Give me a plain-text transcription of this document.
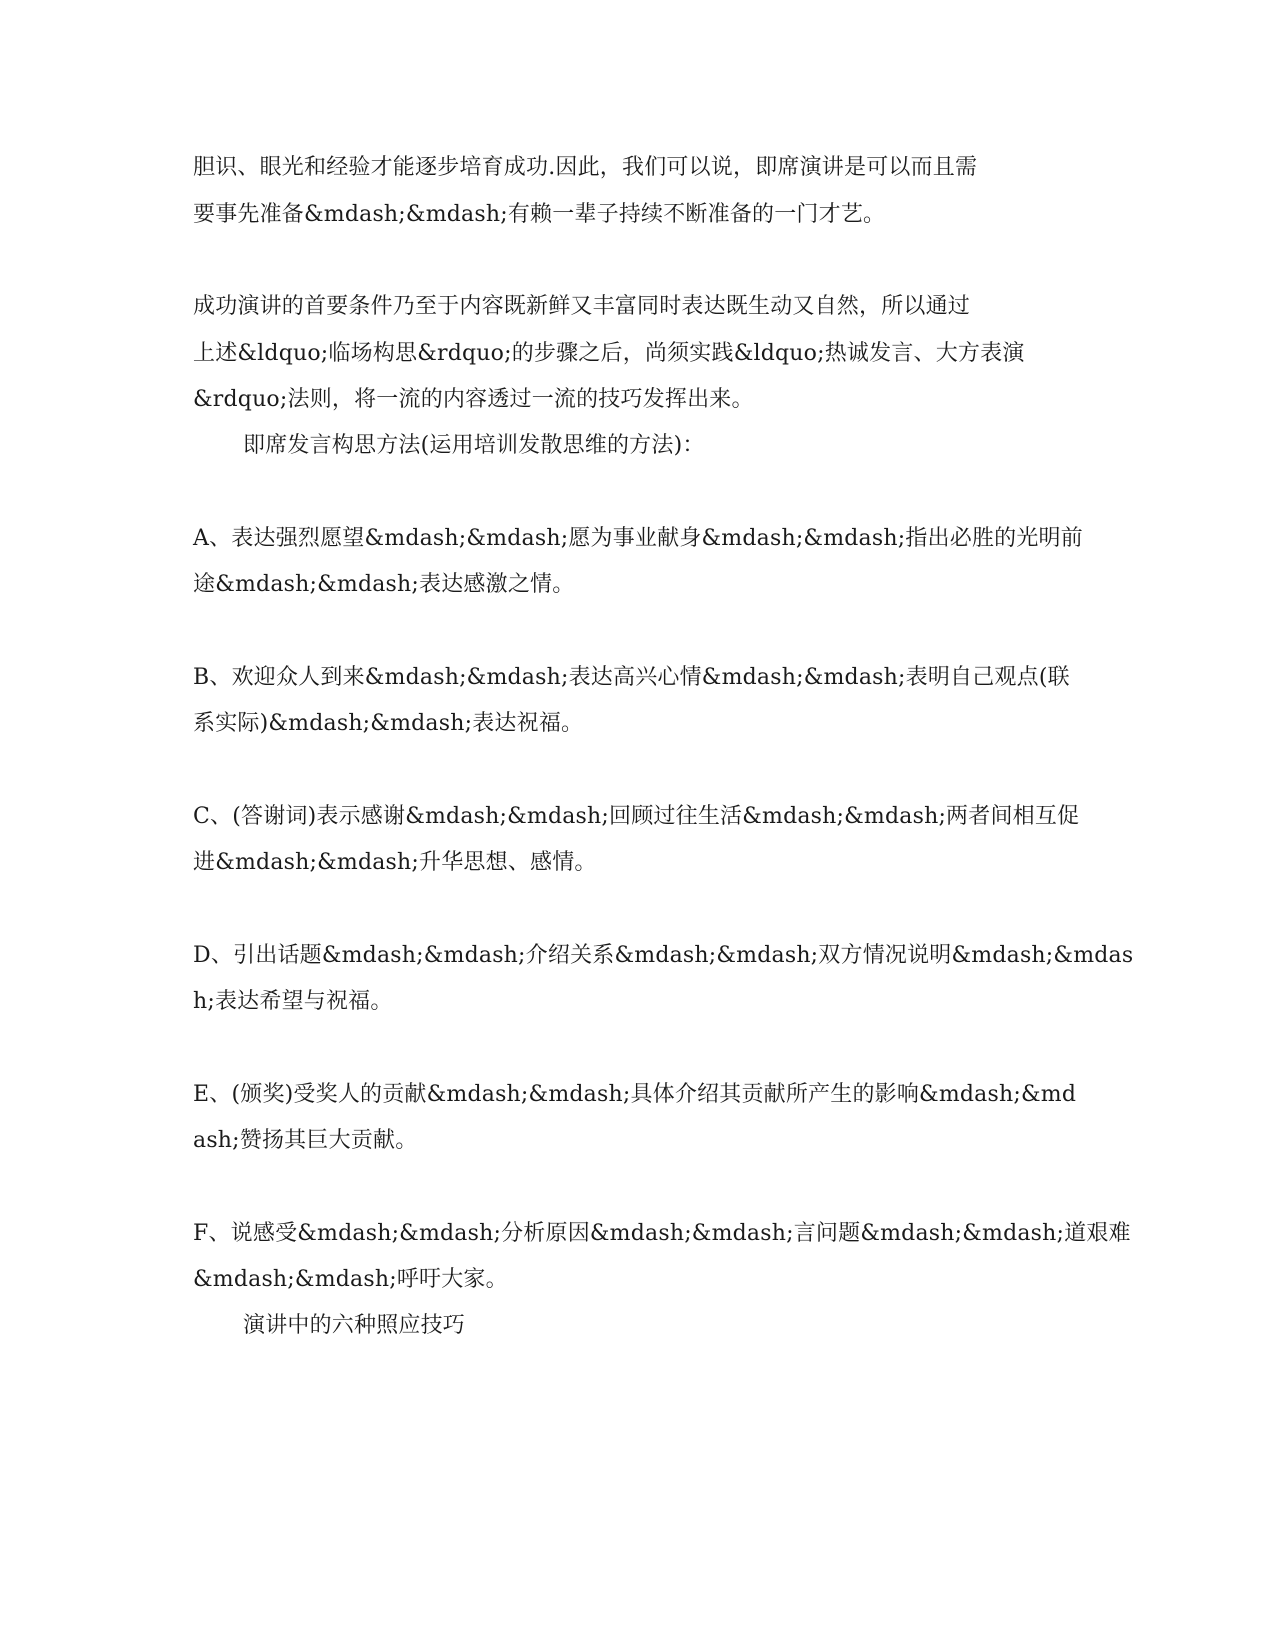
胆识、眼光和经验才能逐步培育成功.因此，我们可以说，即席演讲是可以而且需
要事先准备&mdash;&mdash;有赖一辈子持续不断准备的一门才艺。
成功演讲的首要条件乃至于内容既新鲜又丰富同时表达既生动又自然，所以通过
上述&ldquo;临场构思&rdquo;的步骤之后，尚须实践&ldquo;热诚发言、大方表演
&rdquo;法则，将一流的内容透过一流的技巧发挥出来。
即席发言构思方法(运用培训发散思维的方法)：
A、表达强烈愿望&mdash;&mdash;愿为事业献身&mdash;&mdash;指出必胜的光明前
途&mdash;&mdash;表达感激之情。
B、欢迎众人到来&mdash;&mdash;表达高兴心情&mdash;&mdash;表明自己观点(联
系实际)&mdash;&mdash;表达祝福。
C、(答谢词)表示感谢&mdash;&mdash;回顾过往生活&mdash;&mdash;两者间相互促
进&mdash;&mdash;升华思想、感情。
D、引出话题&mdash;&mdash;介绍关系&mdash;&mdash;双方情况说明&mdash;&mdas
h;表达希望与祝福。
E、(颁奖)受奖人的贡献&mdash;&mdash;具体介绍其贡献所产生的影响&mdash;&md
ash;赞扬其巨大贡献。
F、说感受&mdash;&mdash;分析原因&mdash;&mdash;言问题&mdash;&mdash;道艰难
&mdash;&mdash;呼吁大家。
演讲中的六种照应技巧
